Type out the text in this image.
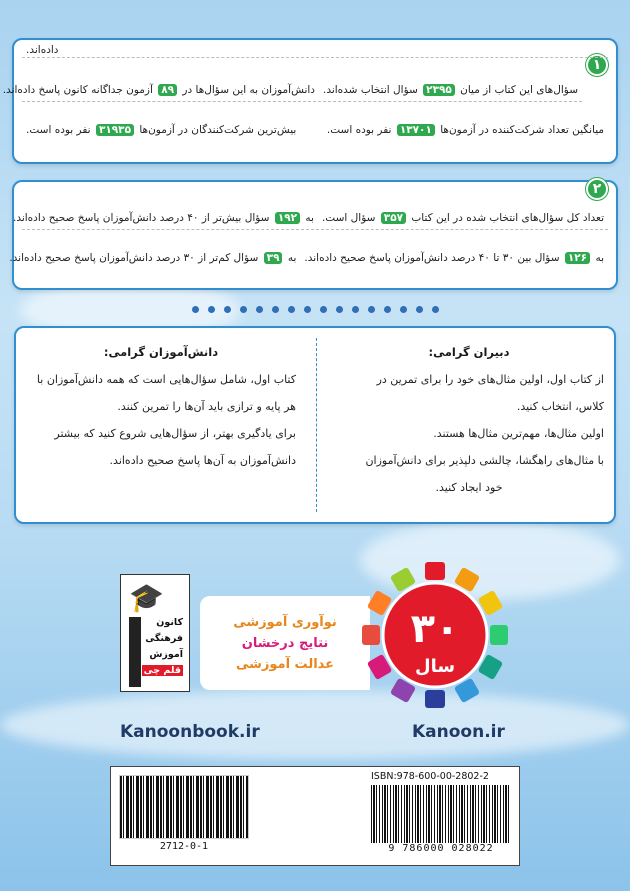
۱
داده‌اند.
سؤال‌های این کتاب از میان ۲۳۹۵ سؤال انتخاب شده‌اند.
دانش‌آموزان به این سؤال‌ها در ۸۹ آزمون جداگانه کانون پاسخ داده‌اند.
میانگین تعداد شرکت‌کننده در آزمون‌ها ۱۳۷۰۱ نفر بوده است.
بیش‌ترین شرکت‌کنندگان در آزمون‌ها ۳۱۹۳۵ نفر بوده است.
۲
تعداد کل سؤال‌های انتخاب شده در این کتاب ۳۵۷ سؤال است.
به ۱۹۲ سؤال بیش‌تر از ۴۰ درصد دانش‌آموزان پاسخ صحیح داده‌اند.
به ۱۲۶ سؤال بین ۳۰ تا ۴۰ درصد دانش‌آموزان پاسخ صحیح داده‌اند.
به ۳۹ سؤال کم‌تر از ۳۰ درصد دانش‌آموزان پاسخ صحیح داده‌اند.
دبیران گرامی:
از کتاب اول، اولین مثال‌های خود را برای تمرین در
کلاس، انتخاب کنید.
اولین مثال‌ها، مهم‌ترین مثال‌ها هستند.
با مثال‌های راهگشا، چالشی دلپذیر برای دانش‌آموزان
خود ایجاد کنید.
دانش‌آموزان گرامی:
کتاب اول، شامل سؤال‌هایی است که همه دانش‌آموزان با
هر پایه و ترازی باید آن‌ها را تمرین کنند.
برای یادگیری بهتر، از سؤال‌هایی شروع کنید که بیشتر
دانش‌آموزان به آن‌ها پاسخ صحیح داده‌اند.
🎓
کانون
فرهنگی
آموزش
قلم چی
نوآوری آموزشی
نتایج درخشان
عدالت آموزشی
۳۰
سال
Kanoonbook.ir	Kanoon.ir
2712-0-1
ISBN:978-600-00-2802-2
9 786000 028022
